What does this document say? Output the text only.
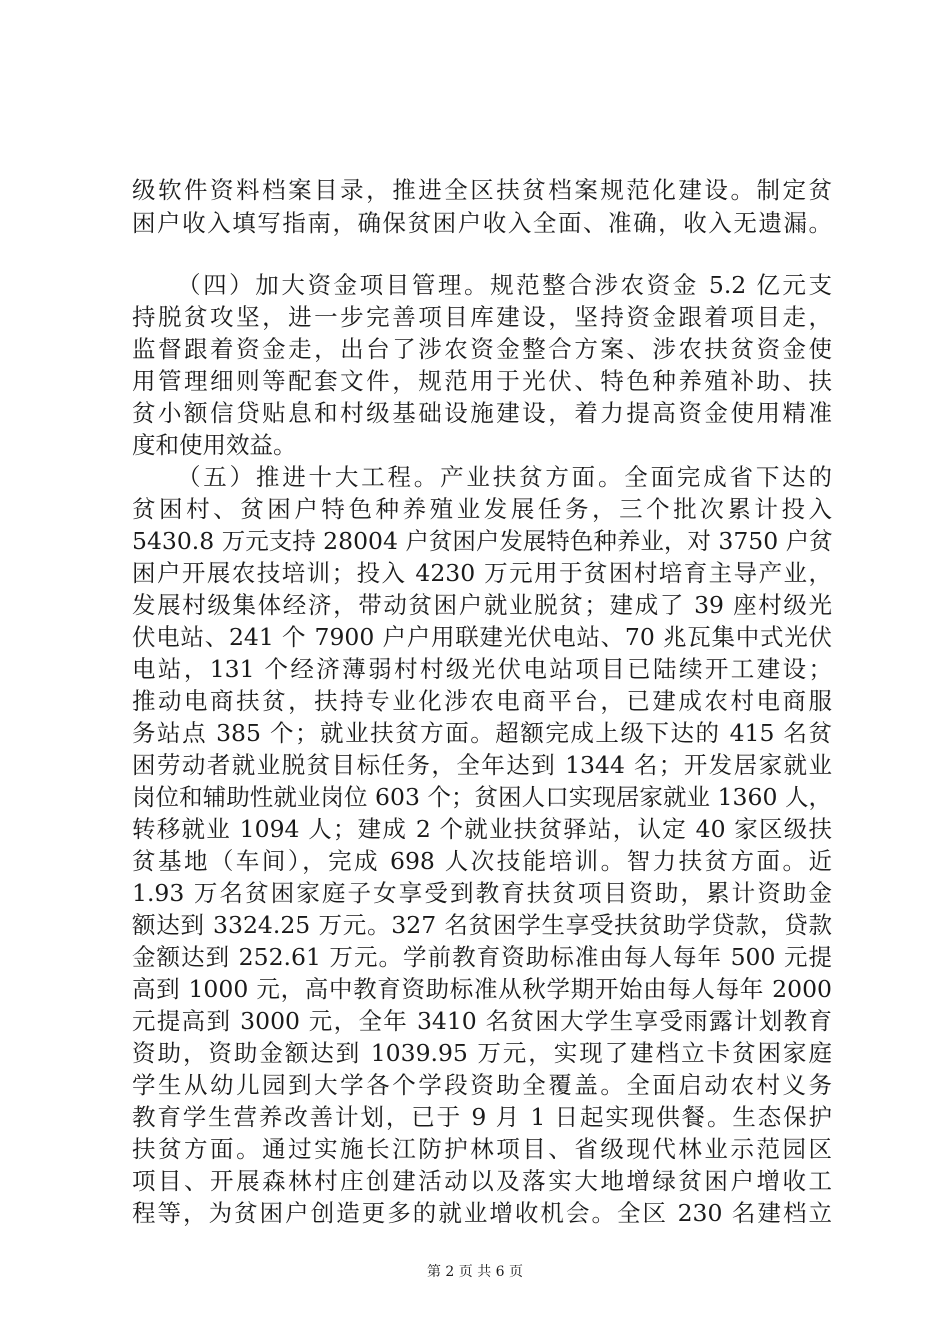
级软件资料档案目录，推进全区扶贫档案规范化建设。制定贫
困户收入填写指南，确保贫困户收入全面、准确，收入无遗漏。
（四）加大资金项目管理。规范整合涉农资金 5.2 亿元支
持脱贫攻坚，进一步完善项目库建设，坚持资金跟着项目走，
监督跟着资金走，出台了涉农资金整合方案、涉农扶贫资金使
用管理细则等配套文件，规范用于光伏、特色种养殖补助、扶
贫小额信贷贴息和村级基础设施建设，着力提高资金使用精准
度和使用效益。
（五）推进十大工程。产业扶贫方面。全面完成省下达的
贫困村、贫困户特色种养殖业发展任务，三个批次累计投入
5430.8 万元支持 28004 户贫困户发展特色种养业，对 3750 户贫
困户开展农技培训；投入 4230 万元用于贫困村培育主导产业，
发展村级集体经济，带动贫困户就业脱贫；建成了 39 座村级光
伏电站、241 个 7900 户户用联建光伏电站、70 兆瓦集中式光伏
电站，131 个经济薄弱村村级光伏电站项目已陆续开工建设；
推动电商扶贫，扶持专业化涉农电商平台，已建成农村电商服
务站点 385 个；就业扶贫方面。超额完成上级下达的 415 名贫
困劳动者就业脱贫目标任务，全年达到 1344 名；开发居家就业
岗位和辅助性就业岗位 603 个；贫困人口实现居家就业 1360 人，
转移就业 1094 人；建成 2 个就业扶贫驿站，认定 40 家区级扶
贫基地（车间），完成 698 人次技能培训。智力扶贫方面。近
1.93 万名贫困家庭子女享受到教育扶贫项目资助，累计资助金
额达到 3324.25 万元。327 名贫困学生享受扶贫助学贷款，贷款
金额达到 252.61 万元。学前教育资助标准由每人每年 500 元提
高到 1000 元，高中教育资助标准从秋学期开始由每人每年 2000
元提高到 3000 元，全年 3410 名贫困大学生享受雨露计划教育
资助，资助金额达到 1039.95 万元，实现了建档立卡贫困家庭
学生从幼儿园到大学各个学段资助全覆盖。全面启动农村义务
教育学生营养改善计划，已于 9 月 1 日起实现供餐。生态保护
扶贫方面。通过实施长江防护林项目、省级现代林业示范园区
项目、开展森林村庄创建活动以及落实大地增绿贫困户增收工
程等，为贫困户创造更多的就业增收机会。全区 230 名建档立
第 2 页 共 6 页
